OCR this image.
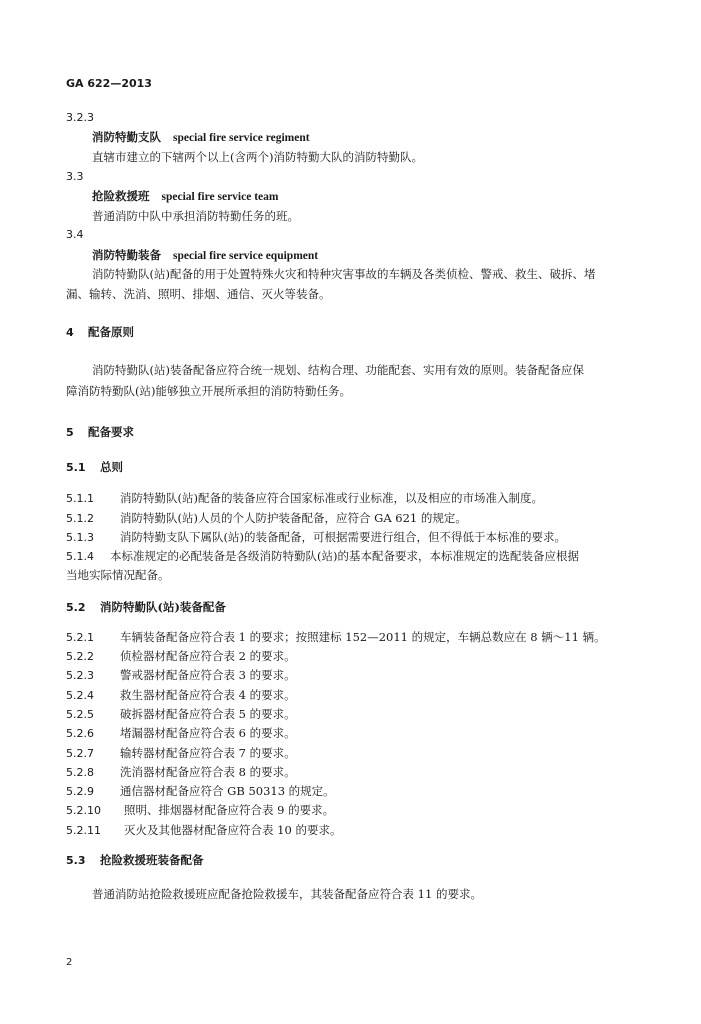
GA 622—2013
3.2.3
消防特勤支队 special fire service regiment
直辖市建立的下辖两个以上(含两个)消防特勤大队的消防特勤队。
3.3
抢险救援班 special fire service team
普通消防中队中承担消防特勤任务的班。
3.4
消防特勤装备 special fire service equipment
消防特勤队(站)配备的用于处置特殊火灾和特种灾害事故的车辆及各类侦检、警戒、救生、破拆、堵
漏、输转、洗消、照明、排烟、通信、灭火等装备。
4 配备原则
消防特勤队(站)装备配备应符合统一规划、结构合理、功能配套、实用有效的原则。装备配备应保
障消防特勤队(站)能够独立开展所承担的消防特勤任务。
5 配备要求
5.1 总则
5.1.1 消防特勤队(站)配备的装备应符合国家标准或行业标准，以及相应的市场准入制度。
5.1.2 消防特勤队(站)人员的个人防护装备配备，应符合 GA 621 的规定。
5.1.3 消防特勤支队下属队(站)的装备配备，可根据需要进行组合，但不得低于本标准的要求。
5.1.4 本标准规定的必配装备是各级消防特勤队(站)的基本配备要求，本标准规定的选配装备应根据
当地实际情况配备。
5.2 消防特勤队(站)装备配备
5.2.1 车辆装备配备应符合表 1 的要求；按照建标 152—2011 的规定，车辆总数应在 8 辆～11 辆。
5.2.2 侦检器材配备应符合表 2 的要求。
5.2.3 警戒器材配备应符合表 3 的要求。
5.2.4 救生器材配备应符合表 4 的要求。
5.2.5 破拆器材配备应符合表 5 的要求。
5.2.6 堵漏器材配备应符合表 6 的要求。
5.2.7 输转器材配备应符合表 7 的要求。
5.2.8 洗消器材配备应符合表 8 的要求。
5.2.9 通信器材配备应符合 GB 50313 的规定。
5.2.10 照明、排烟器材配备应符合表 9 的要求。
5.2.11 灭火及其他器材配备应符合表 10 的要求。
5.3 抢险救援班装备配备
普通消防站抢险救援班应配备抢险救援车，其装备配备应符合表 11 的要求。
2
